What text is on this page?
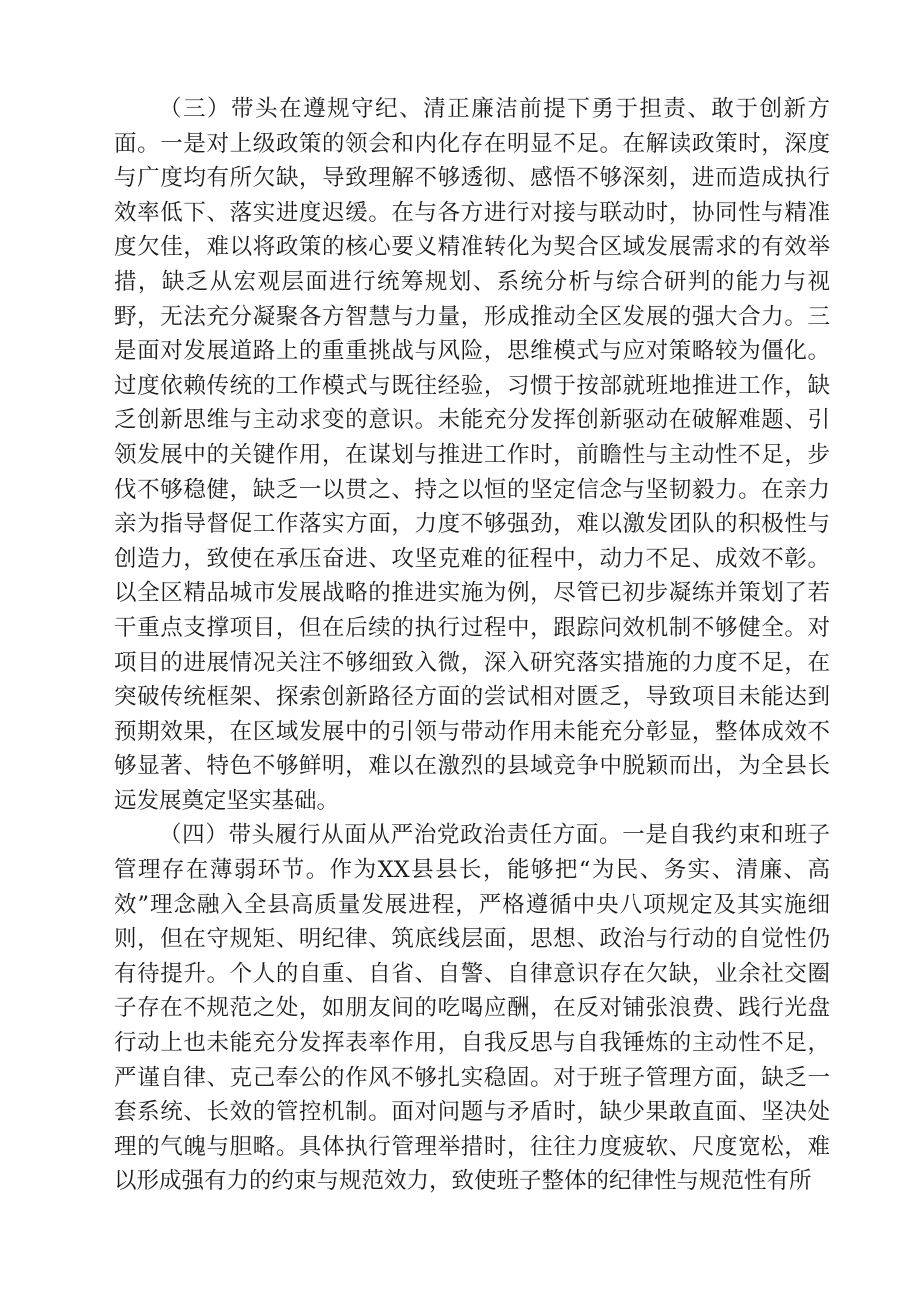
（三）带头在遵规守纪、清正廉洁前提下勇于担责、敢于创新方面。一是对上级政策的领会和内化存在明显不足。在解读政策时，深度与广度均有所欠缺，导致理解不够透彻、感悟不够深刻，进而造成执行效率低下、落实进度迟缓。在与各方进行对接与联动时，协同性与精准度欠佳，难以将政策的核心要义精准转化为契合区域发展需求的有效举措，缺乏从宏观层面进行统筹规划、系统分析与综合研判的能力与视野，无法充分凝聚各方智慧与力量，形成推动全区发展的强大合力。三是面对发展道路上的重重挑战与风险，思维模式与应对策略较为僵化。过度依赖传统的工作模式与既往经验，习惯于按部就班地推进工作，缺乏创新思维与主动求变的意识。未能充分发挥创新驱动在破解难题、引领发展中的关键作用，在谋划与推进工作时，前瞻性与主动性不足，步伐不够稳健，缺乏一以贯之、持之以恒的坚定信念与坚韧毅力。在亲力亲为指导督促工作落实方面，力度不够强劲，难以激发团队的积极性与创造力，致使在承压奋进、攻坚克难的征程中，动力不足、成效不彰。以全区精品城市发展战略的推进实施为例，尽管已初步凝练并策划了若干重点支撑项目，但在后续的执行过程中，跟踪问效机制不够健全。对项目的进展情况关注不够细致入微，深入研究落实措施的力度不足，在突破传统框架、探索创新路径方面的尝试相对匮乏，导致项目未能达到预期效果，在区域发展中的引领与带动作用未能充分彰显，整体成效不够显著、特色不够鲜明，难以在激烈的县域竞争中脱颖而出，为全县长远发展奠定坚实基础。

（四）带头履行从面从严治党政治责任方面。一是自我约束和班子管理存在薄弱环节。作为XX县县长，能够把“为民、务实、清廉、高效”理念融入全县高质量发展进程，严格遵循中央八项规定及其实施细则，但在守规矩、明纪律、筑底线层面，思想、政治与行动的自觉性仍有待提升。个人的自重、自省、自警、自律意识存在欠缺，业余社交圈子存在不规范之处，如朋友间的吃喝应酬，在反对铺张浪费、践行光盘行动上也未能充分发挥表率作用，自我反思与自我锤炼的主动性不足，严谨自律、克己奉公的作风不够扎实稳固。对于班子管理方面，缺乏一套系统、长效的管控机制。面对问题与矛盾时，缺少果敢直面、坚决处理的气魄与胆略。具体执行管理举措时，往往力度疲软、尺度宽松，难以形成强有力的约束与规范效力，致使班子整体的纪律性与规范性有所
